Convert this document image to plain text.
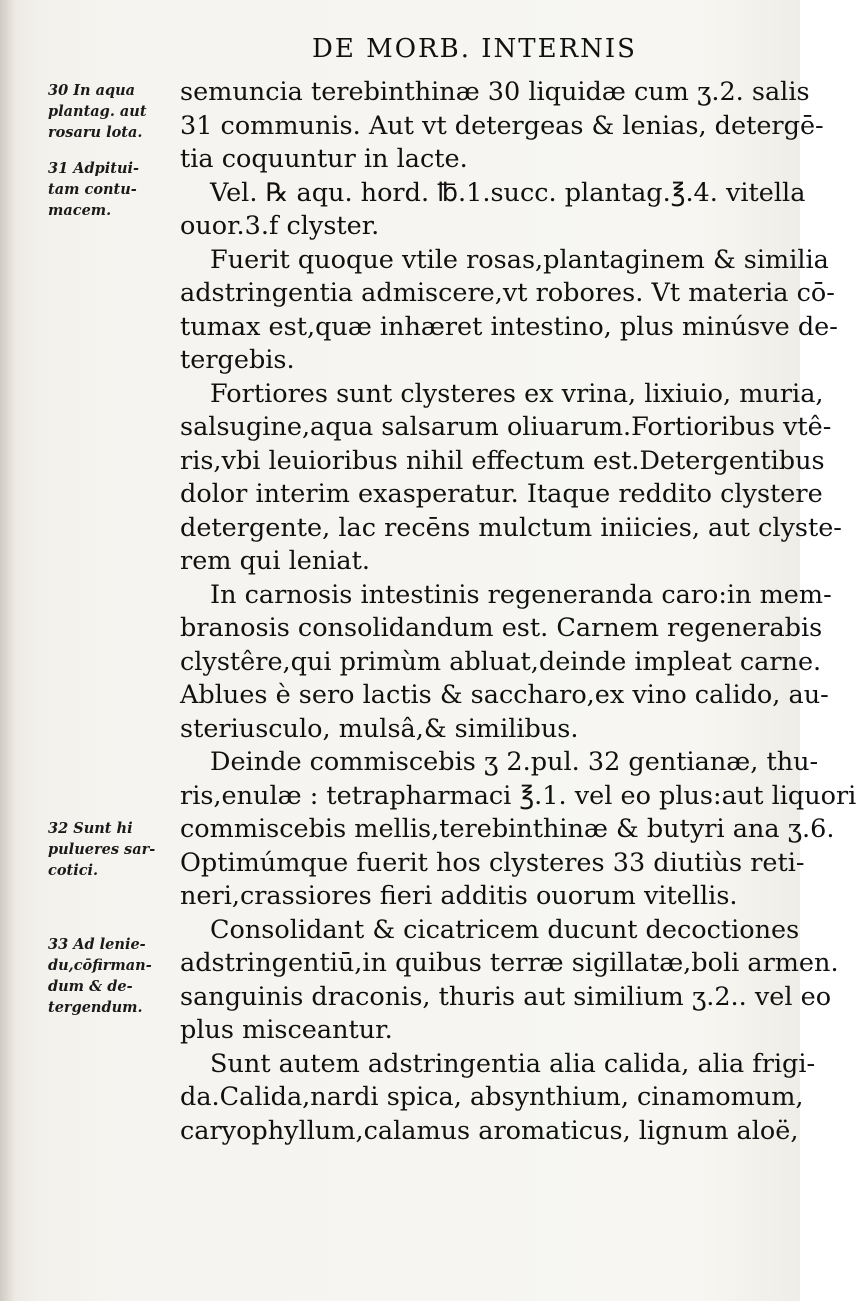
DE MORB. INTERNIS
30 In aqua
plantag. aut
rosaru lota.
31 Adpitui-
tam contu-
macem.
32 Sunt hi
pulueres sar-
cotici.
33 Ad lenie-
du,cōfirman-
dum & de-
tergendum.

semuncia terebinthinæ 30 liquidæ cum ʒ.2. salis
31 communis. Aut vt detergeas & lenias, detergē-
tia coquuntur in lacte.

Vel. ℞ aqu. hord. ℔.1.succ. plantag.℥.4. vitella
ouor.3.f clyster.

Fuerit quoque vtile rosas,plantaginem & similia
adstringentia admiscere,vt robores. Vt materia cō-
tumax est,quæ inhæret intestino, plus minúsve de-
tergebis.

Fortiores sunt clysteres ex vrina, lixiuio, muria,
salsugine,aqua salsarum oliuarum.Fortioribus vtê-
ris,vbi leuioribus nihil effectum est.Detergentibus
dolor interim exasperatur. Itaque reddito clystere
detergente, lac recēns mulctum iniicies, aut clyste-
rem qui leniat.

In carnosis intestinis regeneranda caro:in mem-
branosis consolidandum est. Carnem regenerabis
clystêre,qui primùm abluat,deinde impleat carne.
Ablues è sero lactis & saccharo,ex vino calido, au-
steriusculo, mulsâ,& similibus.

Deinde commiscebis ʒ 2.pul. 32 gentianæ, thu-
ris,enulæ : tetrapharmaci ℥.1. vel eo plus:aut liquori
commiscebis mellis,terebinthinæ & butyri ana ʒ.6.
Optimúmque fuerit hos clysteres 33 diutiùs reti-
neri,crassiores fieri additis ouorum vitellis.

Consolidant & cicatricem ducunt decoctiones
adstringentiū,in quibus terræ sigillatæ,boli armen.
sanguinis draconis, thuris aut similium ʒ.2.. vel eo
plus misceantur.

Sunt autem adstringentia alia calida, alia frigi-
da.Calida,nardi spica, absynthium, cinamomum,
caryophyllum,calamus aromaticus, lignum aloë,
